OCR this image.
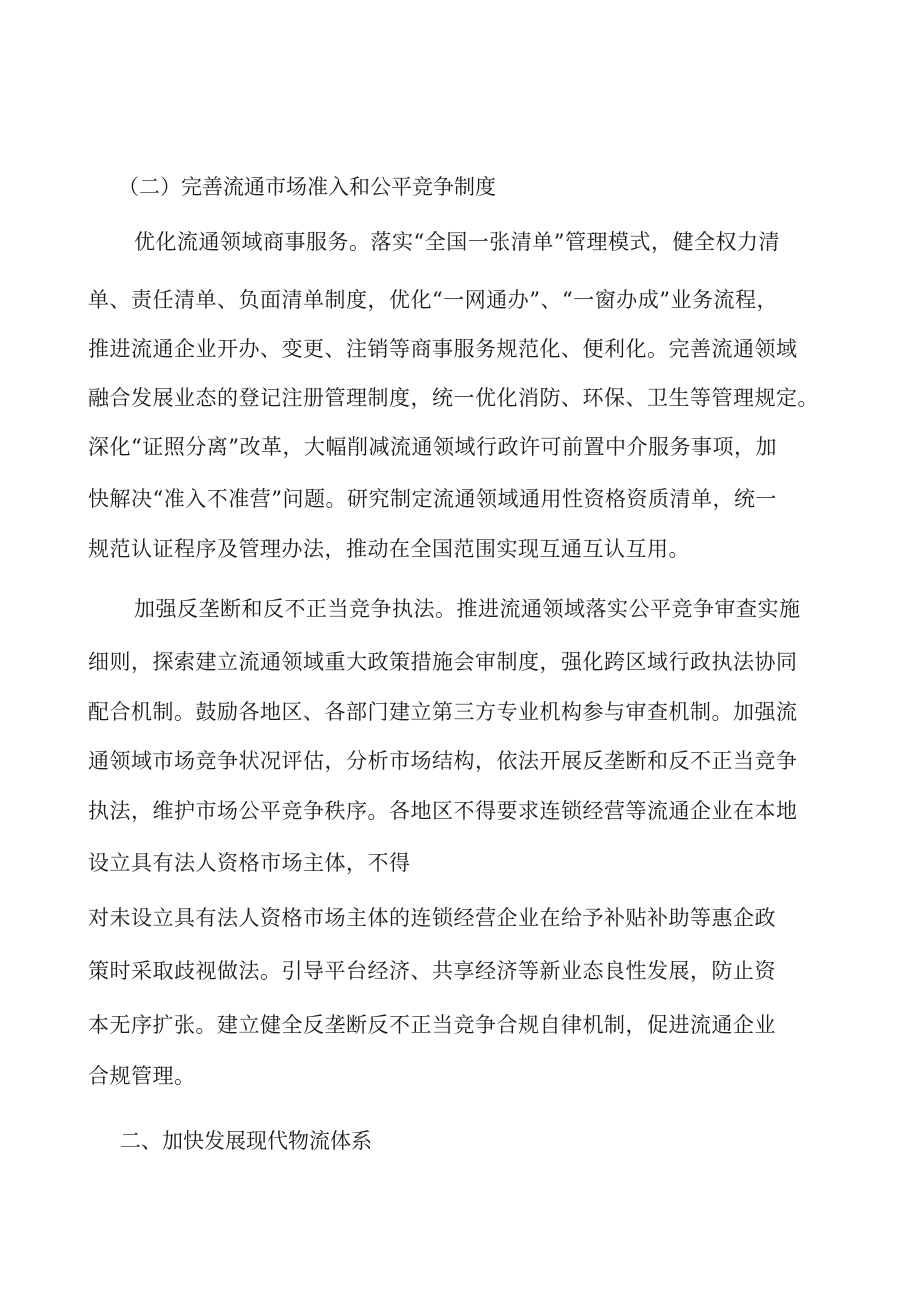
（二）完善流通市场准入和公平竞争制度
优化流通领域商事服务。落实“全国一张清单”管理模式，健全权力清
单、责任清单、负面清单制度，优化“一网通办”、“一窗办成”业务流程，
推进流通企业开办、变更、注销等商事服务规范化、便利化。完善流通领域
融合发展业态的登记注册管理制度，统一优化消防、环保、卫生等管理规定。
深化“证照分离”改革，大幅削减流通领域行政许可前置中介服务事项，加
快解决“准入不准营”问题。研究制定流通领域通用性资格资质清单，统一
规范认证程序及管理办法，推动在全国范围实现互通互认互用。
加强反垄断和反不正当竞争执法。推进流通领域落实公平竞争审查实施
细则，探索建立流通领域重大政策措施会审制度，强化跨区域行政执法协同
配合机制。鼓励各地区、各部门建立第三方专业机构参与审查机制。加强流
通领域市场竞争状况评估，分析市场结构，依法开展反垄断和反不正当竞争
执法，维护市场公平竞争秩序。各地区不得要求连锁经营等流通企业在本地
设立具有法人资格市场主体，不得
对未设立具有法人资格市场主体的连锁经营企业在给予补贴补助等惠企政
策时采取歧视做法。引导平台经济、共享经济等新业态良性发展，防止资
本无序扩张。建立健全反垄断反不正当竞争合规自律机制，促进流通企业
合规管理。
二、加快发展现代物流体系
